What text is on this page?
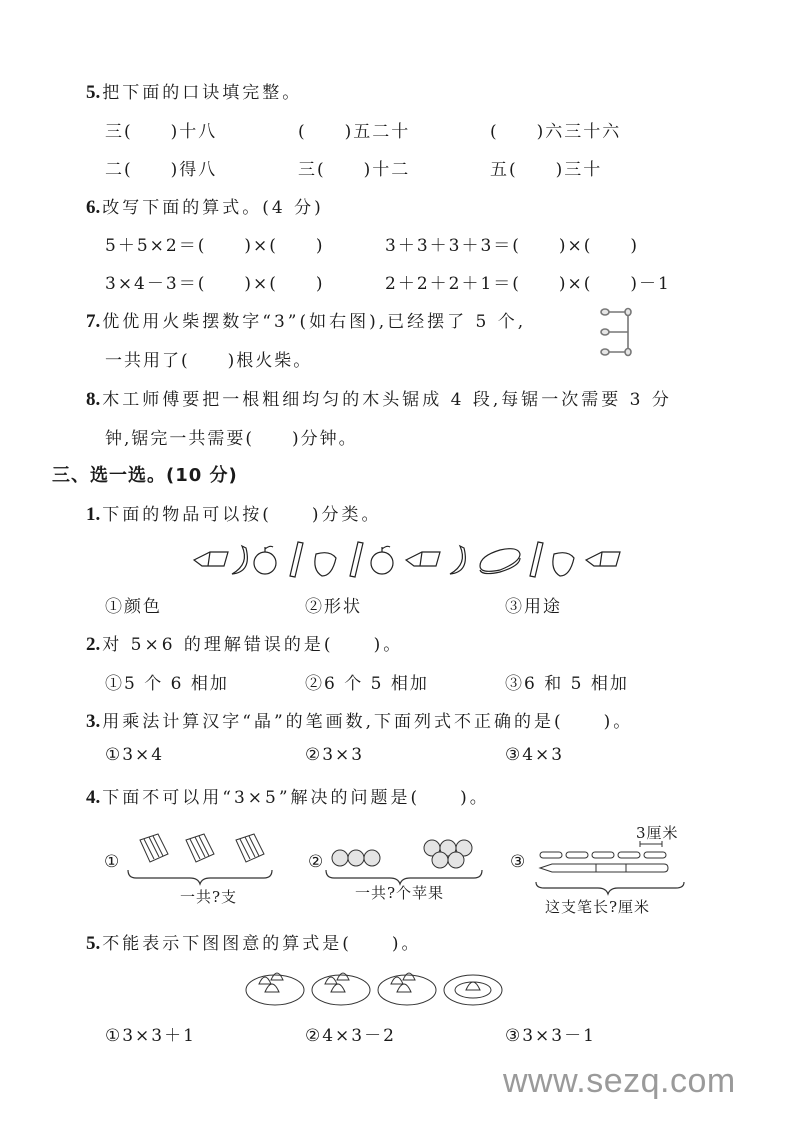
5. 把下面的口诀填完整。
三(　　)十八	(　　)五二十	(　　)六三十六
二(　　)得八	三(　　)十二	五(　　)三十
6. 改写下面的算式。(4 分)
5＋5×2＝(　　)×(　　)	3＋3＋3＋3＝(　　)×(　　)
3×4－3＝(　　)×(　　)	2＋2＋2＋1＝(　　)×(　　)－1
7. 优优用火柴摆数字“3”(如右图),已经摆了 5 个,
一共用了(　　)根火柴。
8. 木工师傅要把一根粗细均匀的木头锯成 4 段,每锯一次需要 3 分
钟,锯完一共需要(　　)分钟。
三、选一选。(10 分)
1. 下面的物品可以按(　　)分类。
①颜色	②形状	③用途
2. 对 5×6 的理解错误的是(　　)。
①5 个 6 相加	②6 个 5 相加	③6 和 5 相加
3. 用乘法计算汉字“晶”的笔画数,下面列式不正确的是(　　)。
①3×4	②3×3	③4×3
4. 下面不可以用“3×5”解决的问题是(　　)。
①
一共?支
②
一共?个苹果
③
3厘米
这支笔长?厘米
5. 不能表示下图图意的算式是(　　)。
①3×3＋1	②4×3－2	③3×3－1
www.sezq.com
